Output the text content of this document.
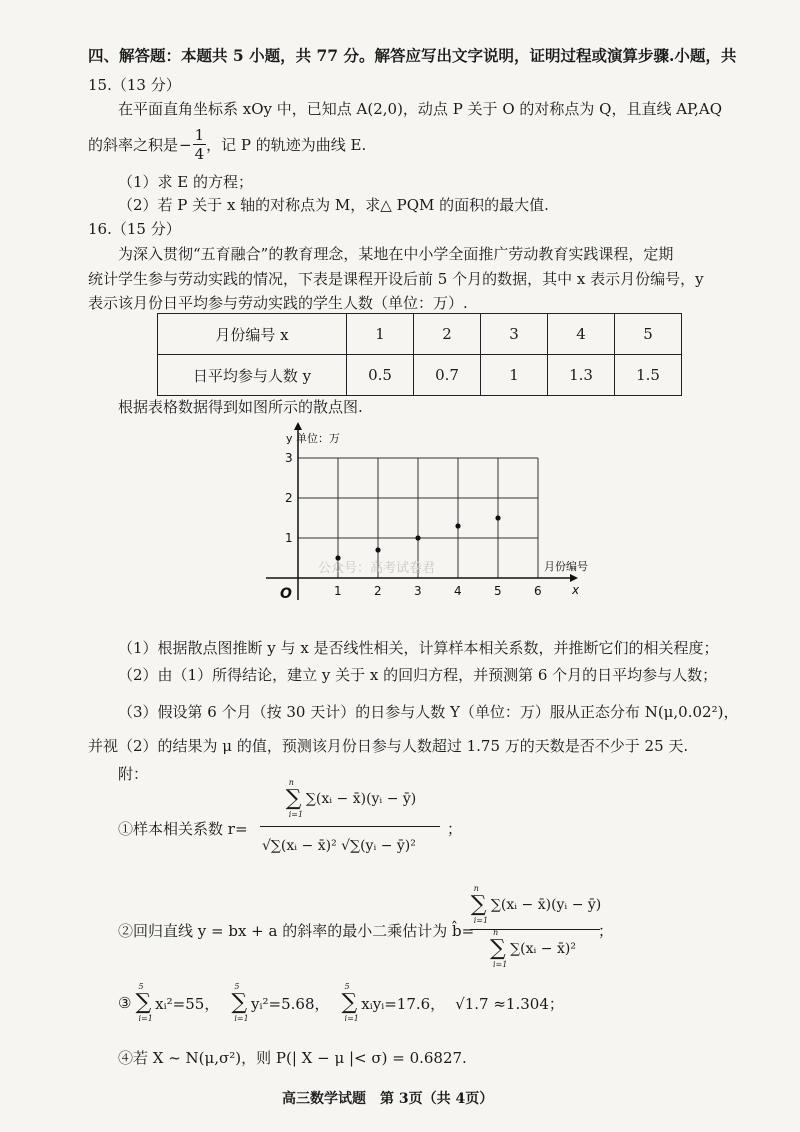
四、解答题：本题共 5 小题，共 77 分。解答应写出文字说明，证明过程或演算步骤.小题，共
15.（13 分）
在平面直角坐标系 xOy 中，已知点 A(2,0)，动点 P 关于 O 的对称点为 Q，且直线 AP,AQ
的斜率之积是 − $\frac{1}{4}$ ，记 P 的轨迹为曲线 E.
（1）求 E 的方程；
（2）若 P 关于 x 轴的对称点为 M，求△ PQM 的面积的最大值.
16.（15 分）
为深入贯彻“五育融合”的教育理念，某地在中小学全面推广劳动教育实践课程，定期
统计学生参与劳动实践的情况，下表是课程开设后前 5 个月的数据，其中 x 表示月份编号，y
表示该月份日平均参与劳动实践的学生人数（单位：万）.
月份编号 x	1	2	3	4	5
日平均参与人数 y	0.5	0.7	1	1.3	1.5
根据表格数据得到如图所示的散点图.
1	2	3	4	5	6
1
2
3
O
y 单位：万
月份编号
x
公众号：高考试卷君
（1）根据散点图推断 y 与 x 是否线性相关，计算样本相关系数，并推断它们的相关程度；
（2）由（1）所得结论，建立 y 关于 x 的回归方程，并预测第 6 个月的日平均参与人数；
（3）假设第 6 个月（按 30 天计）的日参与人数 Y（单位：万）服从正态分布 N(μ,0.02²)，
并视（2）的结果为 μ 的值，预测该月份日参与人数超过 1.75 万的天数是否不少于 25 天.
附：
①样本相关系数 r=
∑
n
i=1
∑(xᵢ − x̄)(yᵢ − ȳ)
√∑(xᵢ − x̄)² √∑(yᵢ − ȳ)²
；
②回归直线 y = bx + a 的斜率的最小二乘估计为 b̂=
∑
n
i=1
∑(xᵢ − x̄)(yᵢ − ȳ)
∑
n
i=1
∑(xᵢ − x̄)²
；
③ ∑
5
i=1
xᵢ²=55， ∑
5
i=1
yᵢ²=5.68， ∑
5
i=1
xᵢyᵢ=17.6， √1.7 ≈1.304；
④若 X ~ N(μ,σ²)，则 P(| X − μ |< σ) = 0.6827.
高三数学试题　第 3页（共 4页）
